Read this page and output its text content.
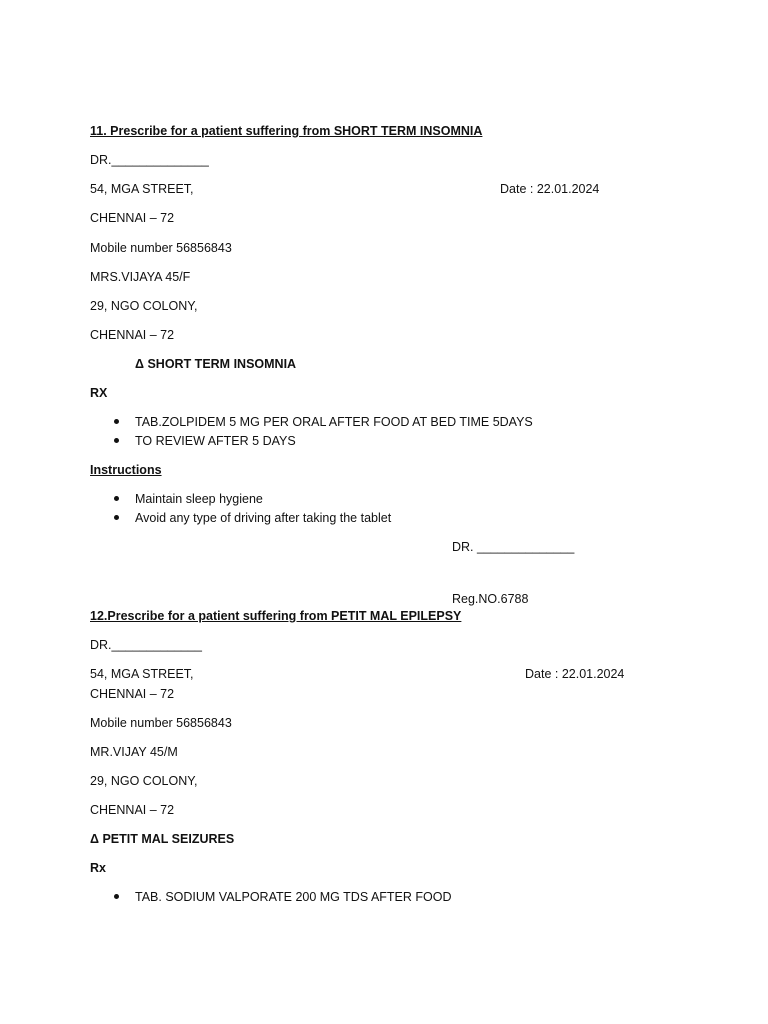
11. Prescribe for a patient suffering from SHORT TERM INSOMNIA
DR.______________
54, MGA STREET,	Date : 22.01.2024
CHENNAI – 72
Mobile number 56856843
MRS.VIJAYA 45/F
29, NGO COLONY,
CHENNAI – 72
Δ SHORT TERM INSOMNIA
RX
TAB.ZOLPIDEM 5 MG PER ORAL AFTER FOOD AT BED TIME 5DAYS
TO REVIEW AFTER 5 DAYS
Instructions
Maintain sleep hygiene
Avoid any type of driving after taking the tablet
DR. ______________
Reg.NO.6788
12.Prescribe for a patient suffering from PETIT MAL EPILEPSY
DR._____________
54, MGA STREET,	Date : 22.01.2024
CHENNAI – 72
Mobile number 56856843
MR.VIJAY 45/M
29, NGO COLONY,
CHENNAI – 72
Δ PETIT MAL SEIZURES
Rx
TAB. SODIUM VALPORATE 200 MG TDS AFTER FOOD
